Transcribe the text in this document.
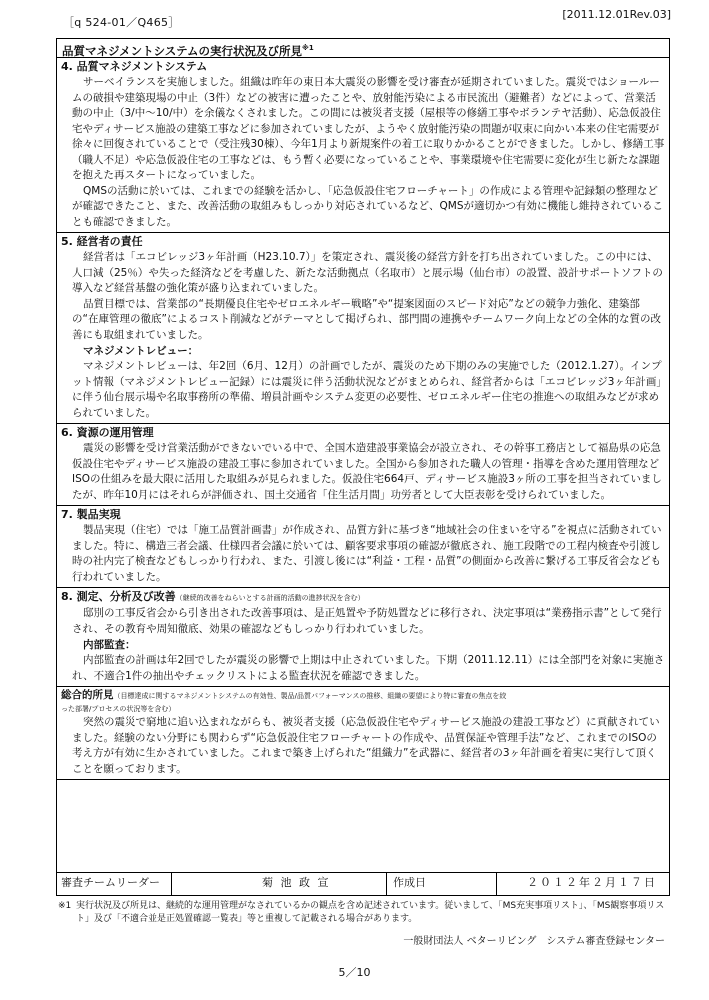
［q 524-01／Q465］
[2011.12.01Rev.03]
品質マネジメントシステムの実行状況及び所見$^{※1}$
4. 品質マネジメントシステム

サーベイランスを実施しました。組織は昨年の東日本大震災の影響を受け審査が延期されていました。震災ではショールームの破損や建築現場の中止（3件）などの被害に遭ったことや、放射能汚染による市民流出（避難者）などによって、営業活動の中止（3/中～10/中）を余儀なくされました。この間には被災者支援（屋根等の修繕工事やボランテヤ活動）、応急仮設住宅やディサービス施設の建築工事などに参加されていましたが、ようやく放射能汚染の問題が収束に向かい本来の住宅需要が徐々に回復されていることで（受注残30棟）、今年1月より新規案件の着工に取りかかることができました。しかし、修繕工事（職人不足）や応急仮設住宅の工事などは、もう暫く必要になっていることや、事業環境や住宅需要に変化が生じ新たな課題を抱えた再スタートになっていました。

QMSの活動に於いては、これまでの経験を活かし、「応急仮設住宅フローチャート」の作成による管理や記録類の整理などが確認できたこと、また、改善活動の取組みもしっかり対応されているなど、QMSが適切かつ有効に機能し維持されていることも確認できました。

5. 経営者の責任

経営者は「エコビレッジ3ヶ年計画（H23.10.7）」を策定され、震災後の経営方針を打ち出されていました。この中には、人口減（25％）や失った経済などを考慮した、新たな活動拠点（名取市）と展示場（仙台市）の設置、設計サポートソフトの導入など経営基盤の強化策が盛り込まれていました。

品質目標では、営業部の“長期優良住宅やゼロエネルギー戦略”や“提案図面のスピード対応”などの競争力強化、建築部の“在庫管理の徹底”によるコスト削減などがテーマとして掲げられ、部門間の連携やチームワーク向上などの全体的な質の改善にも取組まれていました。

マネジメントレビュー：

マネジメントレビューは、年2回（6月、12月）の計画でしたが、震災のため下期のみの実施でした（2012.1.27）。インプット情報（マネジメントレビュー記録）には震災に伴う活動状況などがまとめられ、経営者からは「エコビレッジ3ヶ年計画」に伴う仙台展示場や名取事務所の準備、増員計画やシステム変更の必要性、ゼロエネルギー住宅の推進への取組みなどが求められていました。

6. 資源の運用管理

震災の影響を受け営業活動ができないでいる中で、全国木造建設事業協会が設立され、その幹事工務店として福島県の応急仮設住宅やディサービス施設の建設工事に参加されていました。全国から参加された職人の管理・指導を含めた運用管理などISOの仕組みを最大限に活用した取組みが見られました。仮設住宅664戸、ディサービス施設3ヶ所の工事を担当されていましたが、昨年10月にはそれらが評価され、国土交通省「住生活月間」功労者として大臣表彰を受けられていました。

7. 製品実現

製品実現（住宅）では「施工品質計画書」が作成され、品質方針に基づき“地域社会の住まいを守る”を視点に活動されていました。特に、構造三者会議、仕様四者会議に於いては、顧客要求事項の確認が徹底され、施工段階での工程内検査や引渡し時の社内完了検査などもしっかり行われ、また、引渡し後には“利益・工程・品質”の側面から改善に繋げる工事反省会なども行われていました。

8. 測定、分析及び改善（継続的改善をねらいとする計画的活動の進捗状況を含む）

邸別の工事反省会から引き出された改善事項は、是正処置や予防処置などに移行され、決定事項は“業務指示書”として発行され、その教育や周知徹底、効果の確認などもしっかり行われていました。

内部監査：

内部監査の計画は年2回でしたが震災の影響で上期は中止されていました。下期（2011.12.11）には全部門を対象に実施され、不適合1件の抽出やチェックリストによる監査状況を確認できました。

総合的所見（目標達成に関するマネジメントシステムの有効性、製品/品質パフォーマンスの推移、組織の要望により特に審査の焦点を絞
った部署/プロセスの状況等を含む）

突然の震災で窮地に追い込まれながらも、被災者支援（応急仮設住宅やディサービス施設の建設工事など）に貢献されていました。経験のない分野にも関わらず“応急仮設住宅フローチャートの作成や、品質保証や管理手法”など、これまでのISOの考え方が有効に生かされていました。これまで築き上げられた“組織力”を武器に、経営者の3ヶ年計画を着実に実行して頂くことを願っております。

審査チームリーダー	菊 池 政 宣	作成日	２０１２年２月１７日
※1 実行状況及び所見は、継続的な運用管理がなされているかの観点を含め記述されています。従いまして、「MS充実事項リスト」、「MS観察事項リスト」及び「不適合並是正処置確認一覧表」等と重複して記載される場合があります。
一般財団法人 ベターリビング　システム審査登録センター
5／10
